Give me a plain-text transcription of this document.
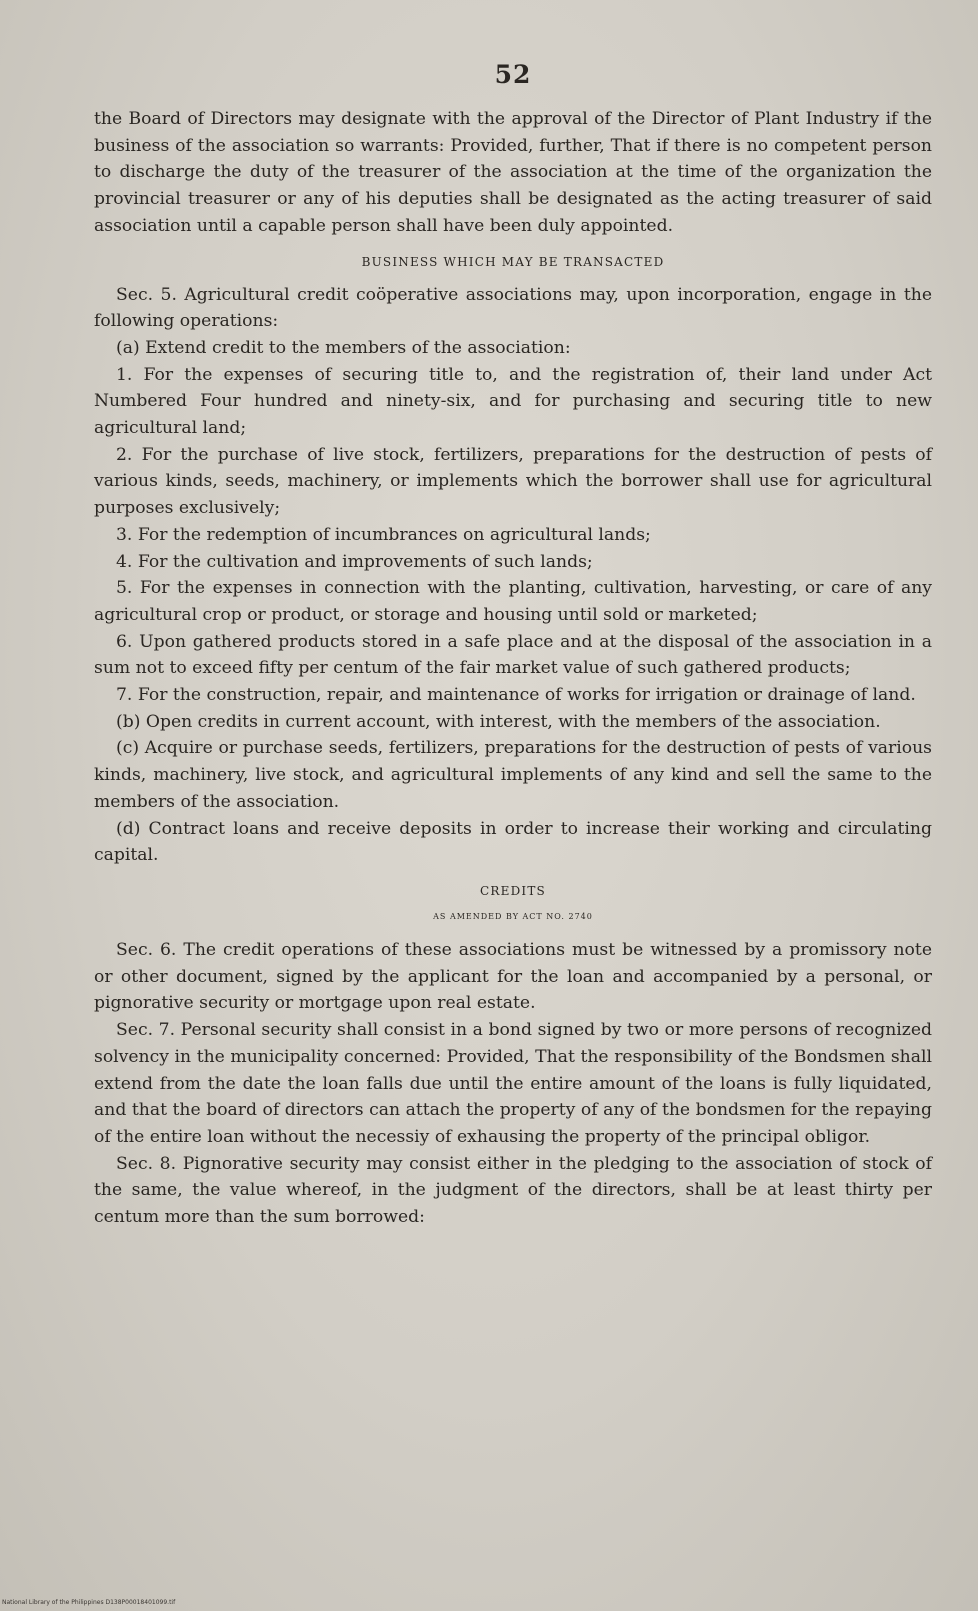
52

the Board of Directors may designate with the approval of the Director of Plant Industry if the business of the association so warrants: Provided, further, That if there is no competent person to discharge the duty of the treasurer of the association at the time of the organization the provincial treasurer or any of his deputies shall be designated as the acting treasurer of said association until a capable person shall have been duly appointed.

BUSINESS WHICH MAY BE TRANSACTED

Sec. 5. Agricultural credit coöperative associations may, upon incorporation, engage in the following operations:

(a) Extend credit to the members of the association:

1. For the expenses of securing title to, and the registration of, their land under Act Numbered Four hundred and ninety-six, and for purchasing and securing title to new agricultural land;

2. For the purchase of live stock, fertilizers, preparations for the destruction of pests of various kinds, seeds, machinery, or implements which the borrower shall use for agricultural purposes exclusively;

3. For the redemption of incumbrances on agricultural lands;

4. For the cultivation and improvements of such lands;

5. For the expenses in connection with the planting, cultivation, harvesting, or care of any agricultural crop or product, or storage and housing until sold or marketed;

6. Upon gathered products stored in a safe place and at the disposal of the association in a sum not to exceed fifty per centum of the fair market value of such gathered products;

7. For the construction, repair, and maintenance of works for irrigation or drainage of land.

(b) Open credits in current account, with interest, with the members of the association.

(c) Acquire or purchase seeds, fertilizers, preparations for the destruction of pests of various kinds, machinery, live stock, and agricultural implements of any kind and sell the same to the members of the association.

(d) Contract loans and receive deposits in order to increase their working and circulating capital.

CREDITS
AS AMENDED BY ACT NO. 2740

Sec. 6. The credit operations of these associations must be witnessed by a promissory note or other document, signed by the applicant for the loan and accompanied by a personal, or pignorative security or mortgage upon real estate.

Sec. 7. Personal security shall consist in a bond signed by two or more persons of recognized solvency in the municipality concerned: Provided, That the responsibility of the Bondsmen shall extend from the date the loan falls due until the entire amount of the loans is fully liquidated, and that the board of directors can attach the property of any of the bondsmen for the repaying of the entire loan without the necessiy of exhausing the property of the principal obligor.

Sec. 8. Pignorative security may consist either in the pledging to the association of stock of the same, the value whereof, in the judgment of the directors, shall be at least thirty per centum more than the sum borrowed:

National Library of the Philippines D138P00018401099.tif
